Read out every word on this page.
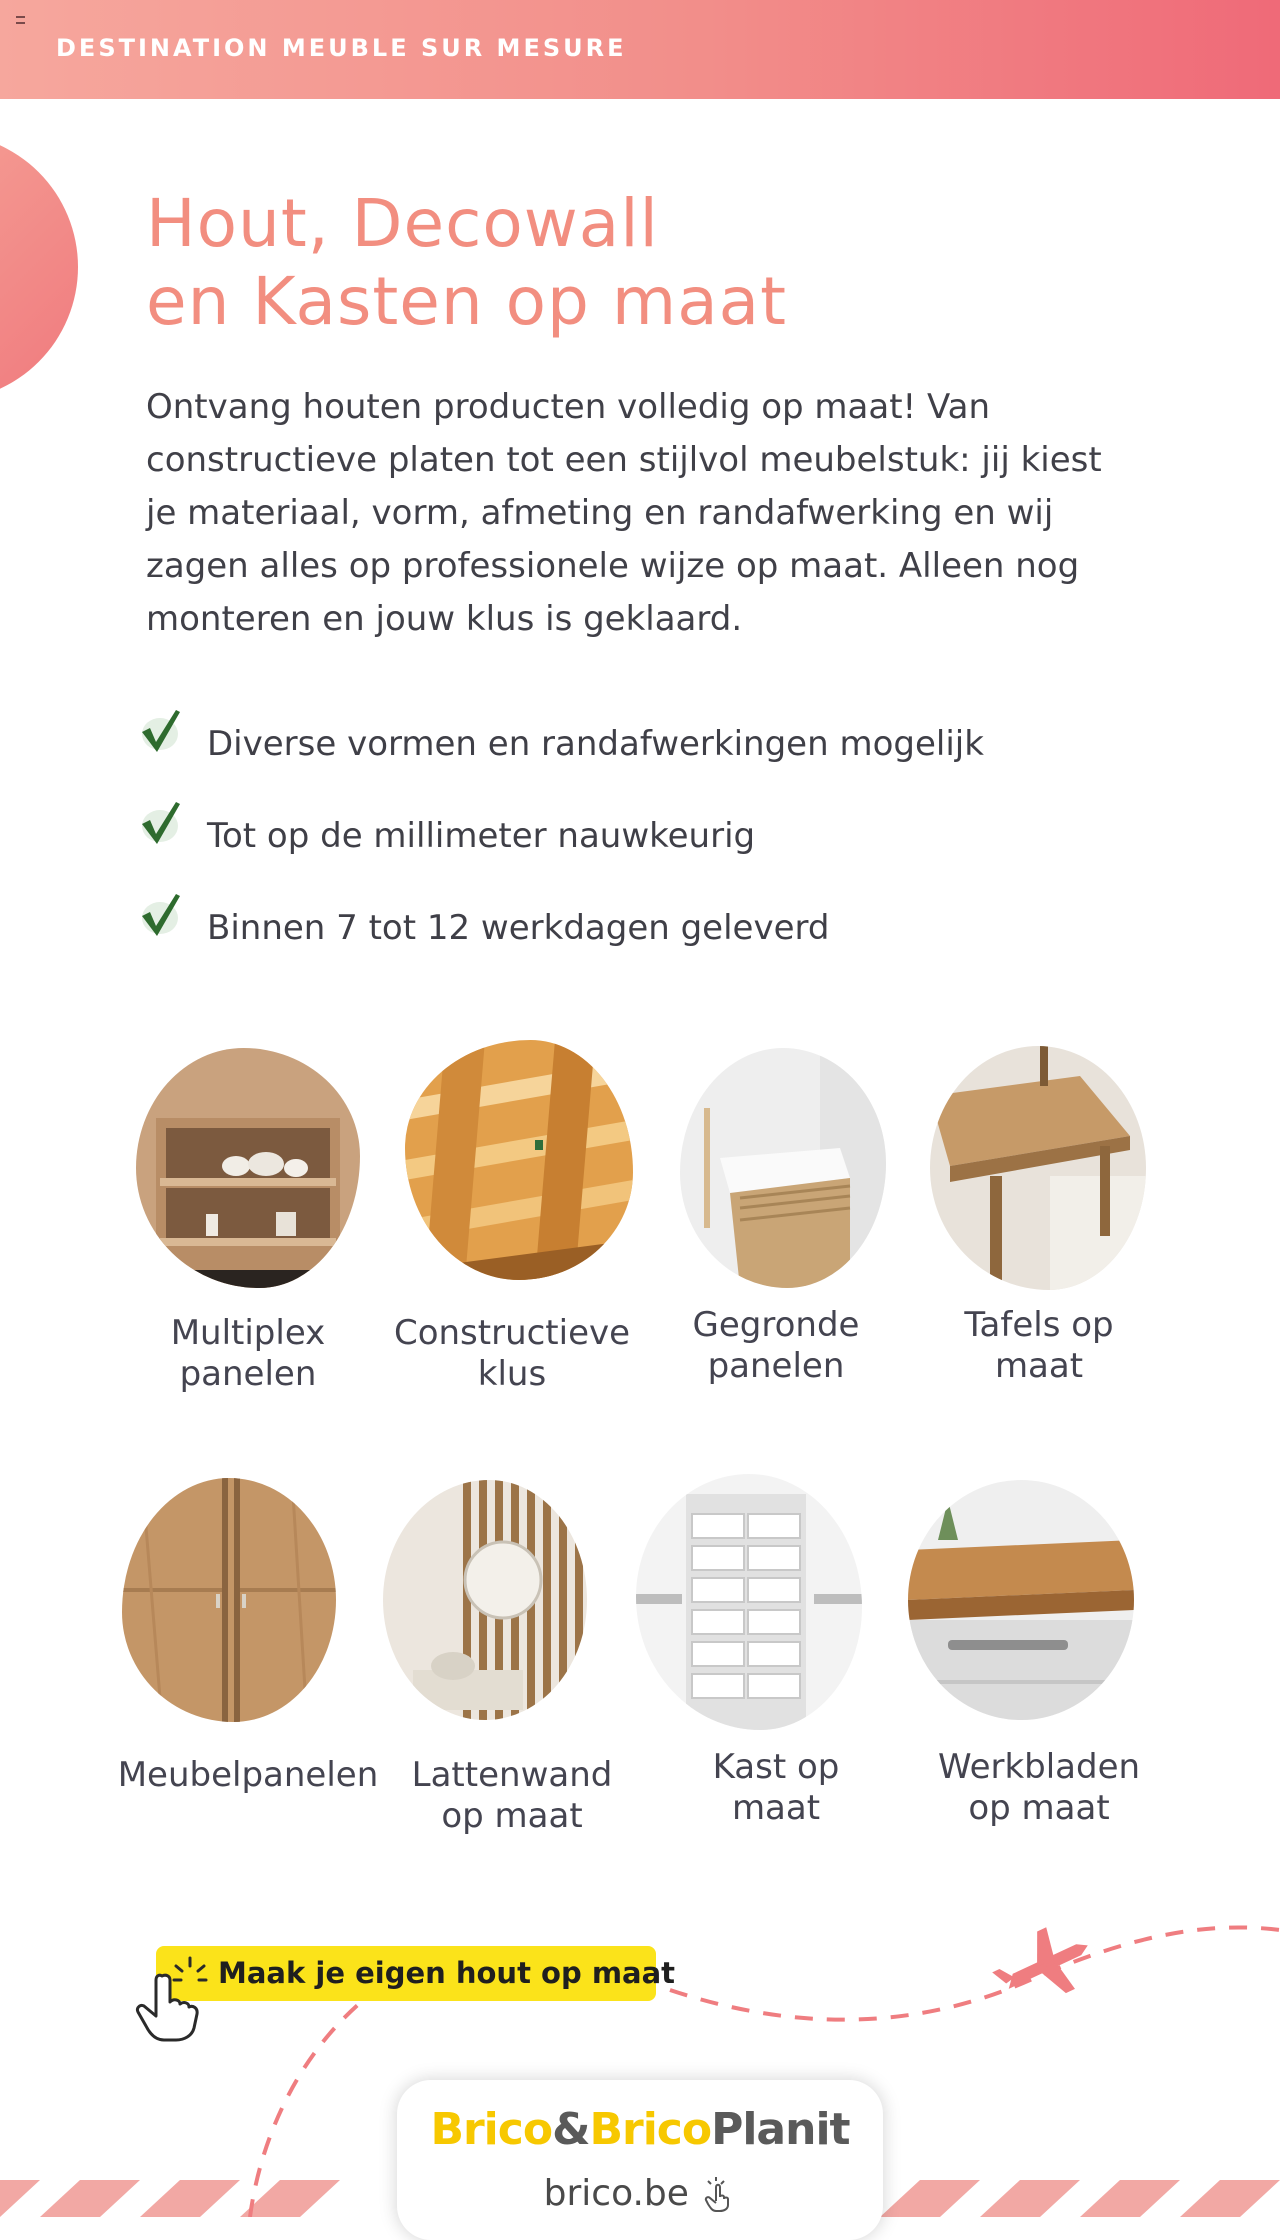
DESTINATION MEUBLE SUR MESURE
Hout, Decowall
en Kasten op maat

Ontvang houten producten volledig op maat! Van constructieve platen tot een stijlvol meubelstuk: jij kiest je materiaal, vorm, afmeting en randafwerking en wij zagen alles op professionele wijze op maat. Alleen nog monteren en jouw klus is geklaard.

Diverse vormen en randafwerkingen mogelijk
Tot op de millimeter nauwkeurig
Binnen 7 tot 12 werkdagen geleverd
Multiplex
panelen
Constructieve
klus
Gegronde
panelen
Tafels op
maat
Meubelpanelen Lattenwand
op maat
Kast op
maat
Werkbladen
op maat
Maak je eigen hout op maat
Brico&BricoPlanit
brico.be
